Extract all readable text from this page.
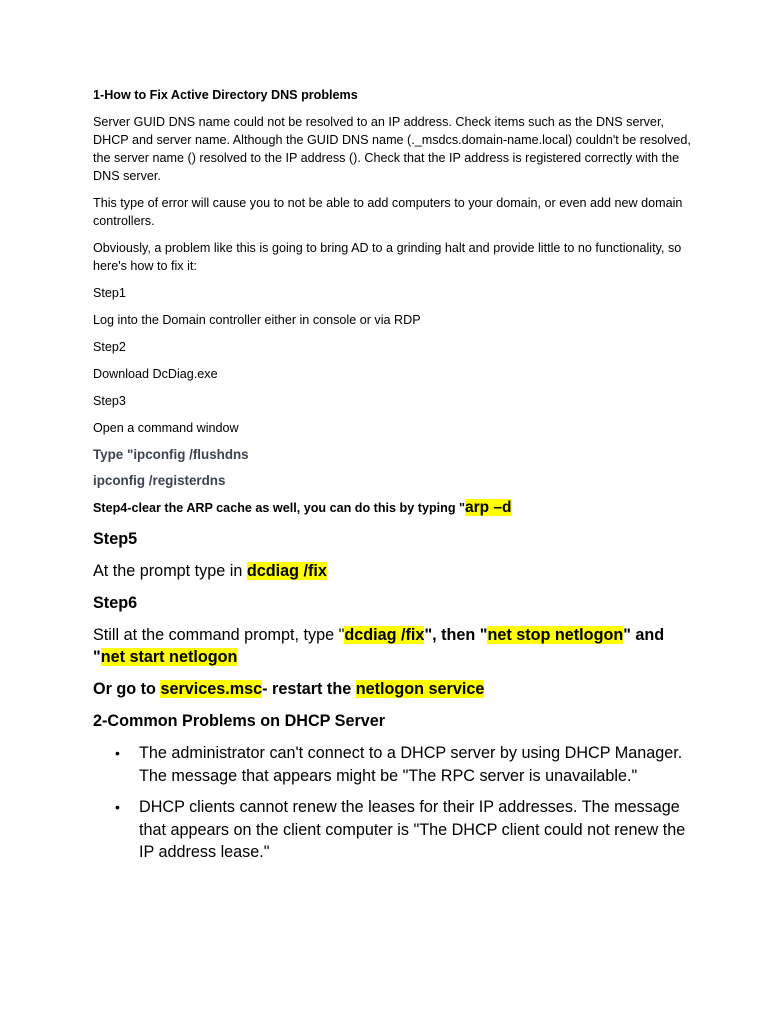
1-How to Fix Active Directory DNS problems

Server GUID DNS name could not be resolved to an IP address. Check items such as the DNS server, DHCP and server name. Although the GUID DNS name (._msdcs.domain-name.local) couldn't be resolved, the server name () resolved to the IP address (). Check that the IP address is registered correctly with the DNS server.

This type of error will cause you to not be able to add computers to your domain, or even add new domain controllers.

Obviously, a problem like this is going to bring AD to a grinding halt and provide little to no functionality, so here's how to fix it:

Step1

Log into the Domain controller either in console or via RDP

Step2

Download DcDiag.exe

Step3

Open a command window

Type "ipconfig /flushdns

ipconfig /registerdns

Step4-clear the ARP cache as well, you can do this by typing "arp –d

Step5

At the prompt type in dcdiag /fix

Step6

Still at the command prompt, type "dcdiag /fix", then "net stop netlogon" and "net start netlogon

Or go to services.msc- restart the netlogon service

2-Common Problems on DHCP Server

• The administrator can't connect to a DHCP server by using DHCP Manager. The message that appears might be "The RPC server is unavailable."
• DHCP clients cannot renew the leases for their IP addresses. The message that appears on the client computer is "The DHCP client could not renew the IP address lease."
